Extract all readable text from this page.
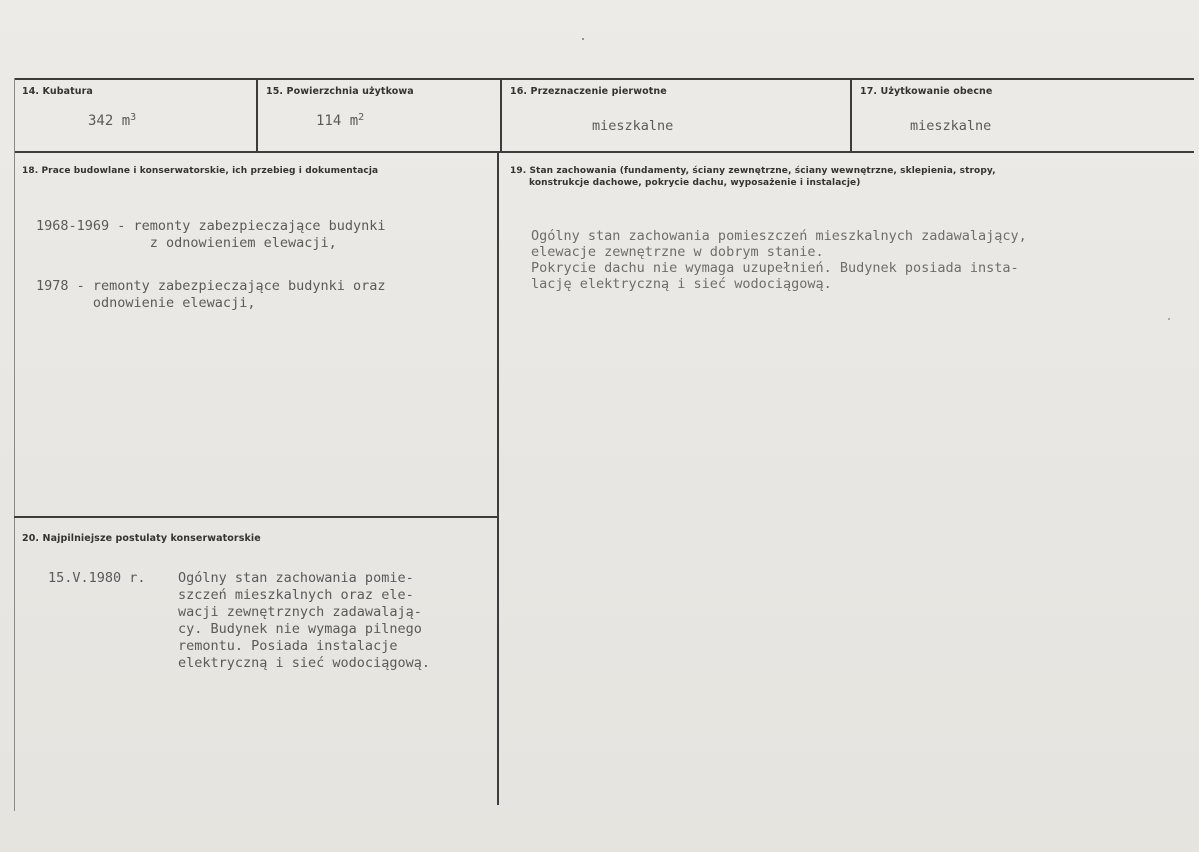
14. Kubatura
342 $m^3$
15. Powierzchnia użytkowa
114 $m^2$
16. Przeznaczenie pierwotne
mieszkalne
17. Użytkowanie obecne
mieszkalne
18. Prace budowlane i konserwatorskie, ich przebieg i dokumentacja
1968-1969 - remonty zabezpieczające budynki
z odnowieniem elewacji,
1978 - remonty zabezpieczające budynki oraz
odnowienie elewacji,
19. Stan zachowania (fundamenty, ściany zewnętrzne, ściany wewnętrzne, sklepienia, stropy,
konstrukcje dachowe, pokrycie dachu, wyposażenie i instalacje)
Ogólny stan zachowania pomieszczeń mieszkalnych zadawalający,
elewacje zewnętrzne w dobrym stanie.
Pokrycie dachu nie wymaga uzupełnień. Budynek posiada insta-
lację elektryczną i sieć wodociągową.
20. Najpilniejsze postulaty konserwatorskie
15.V.1980 r. Ogólny stan zachowania pomie-
szczeń mieszkalnych oraz ele-
wacji zewnętrznych zadawalają-
cy. Budynek nie wymaga pilnego
remontu. Posiada instalacje
elektryczną i sieć wodociągową.
